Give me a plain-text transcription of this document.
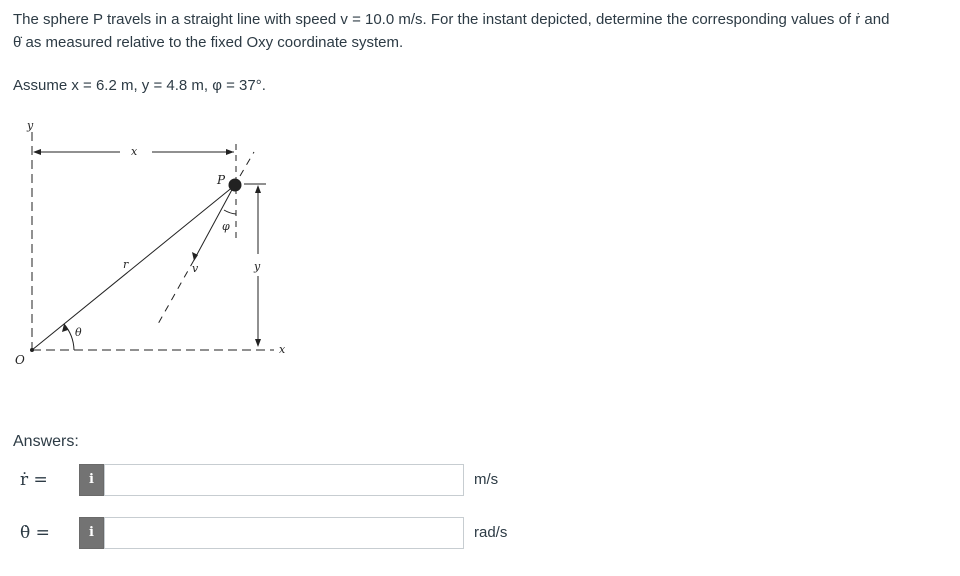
The sphere P travels in a straight line with speed v = 10.0 m/s. For the instant depicted, determine the corresponding values of ṙ and

θ̇ as measured relative to the fixed Oxy coordinate system.

Assume x = 6.2 m, y = 4.8 m, φ = 37°.
y
x
P
r	v
φ
y
θ
O
x
Answers:
ṙ =	i	m/s
θ̇ =	i	rad/s
